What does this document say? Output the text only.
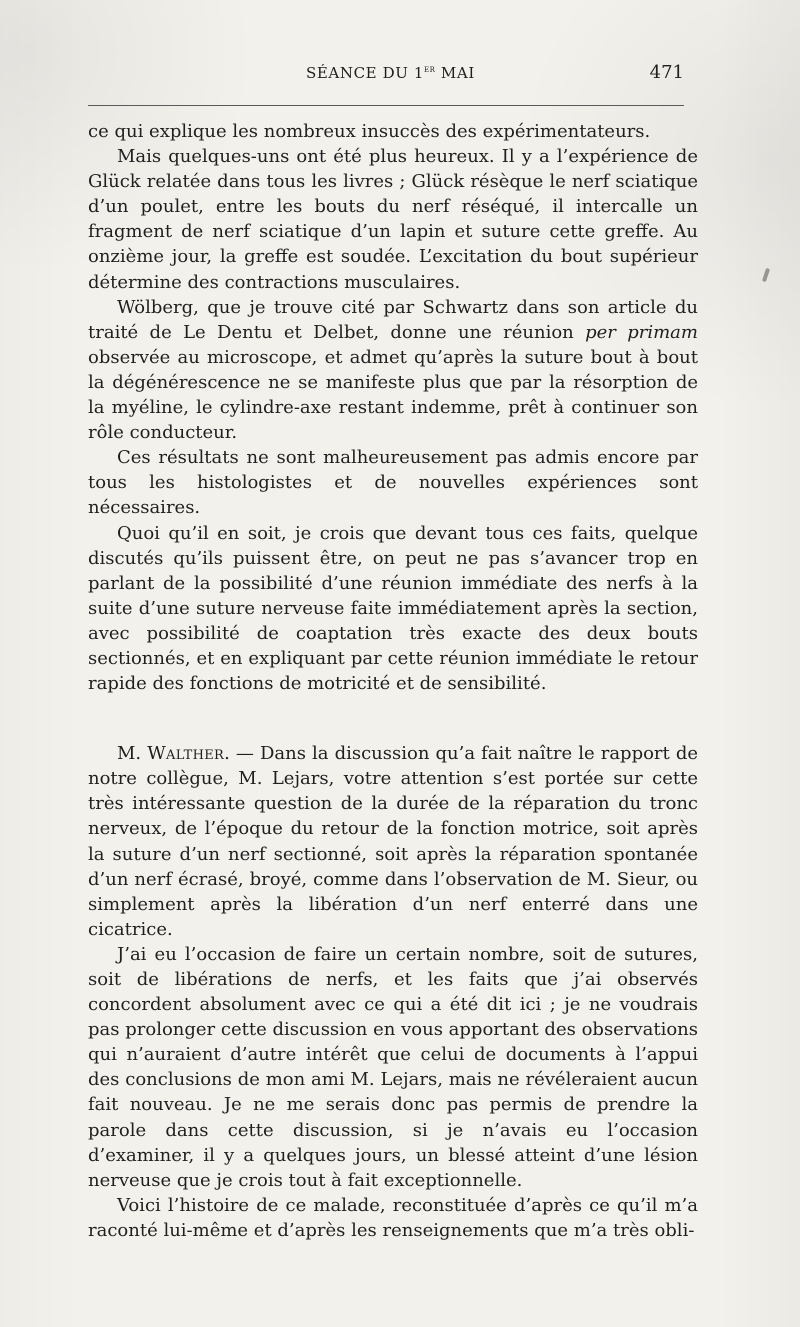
SÉANCE DU 1er MAI	471

ce qui explique les nombreux insuccès des expérimentateurs.

Mais quelques-uns ont été plus heureux. Il y a l’expérience de Glück relatée dans tous les livres ; Glück résèque le nerf sciatique d’un poulet, entre les bouts du nerf réséqué, il intercalle un fragment de nerf sciatique d’un lapin et suture cette greffe. Au onzième jour, la greffe est soudée. L’excitation du bout supérieur détermine des contractions musculaires.

Wölberg, que je trouve cité par Schwartz dans son article du traité de Le Dentu et Delbet, donne une réunion per primam observée au microscope, et admet qu’après la suture bout à bout la dégénérescence ne se manifeste plus que par la résorption de la myéline, le cylindre-axe restant indemme, prêt à continuer son rôle conducteur.

Ces résultats ne sont malheureusement pas admis encore par tous les histologistes et de nouvelles expériences sont nécessaires.

Quoi qu’il en soit, je crois que devant tous ces faits, quelque discutés qu’ils puissent être, on peut ne pas s’avancer trop en parlant de la possibilité d’une réunion immédiate des nerfs à la suite d’une suture nerveuse faite immédiatement après la section, avec possibilité de coaptation très exacte des deux bouts sectionnés, et en expliquant par cette réunion immédiate le retour rapide des fonctions de motricité et de sensibilité.

M. Walther. — Dans la discussion qu’a fait naître le rapport de notre collègue, M. Lejars, votre attention s’est portée sur cette très intéressante question de la durée de la réparation du tronc nerveux, de l’époque du retour de la fonction motrice, soit après la suture d’un nerf sectionné, soit après la réparation spontanée d’un nerf écrasé, broyé, comme dans l’observation de M. Sieur, ou simplement après la libération d’un nerf enterré dans une cicatrice.

J’ai eu l’occasion de faire un certain nombre, soit de sutures, soit de libérations de nerfs, et les faits que j’ai observés concordent absolument avec ce qui a été dit ici ; je ne voudrais pas prolonger cette discussion en vous apportant des observations qui n’auraient d’autre intérêt que celui de documents à l’appui des conclusions de mon ami M. Lejars, mais ne révéleraient aucun fait nouveau. Je ne me serais donc pas permis de prendre la parole dans cette discussion, si je n’avais eu l’occasion d’examiner, il y a quelques jours, un blessé atteint d’une lésion nerveuse que je crois tout à fait exceptionnelle.

Voici l’histoire de ce malade, reconstituée d’après ce qu’il m’a raconté lui-même et d’après les renseignements que m’a très obli-
